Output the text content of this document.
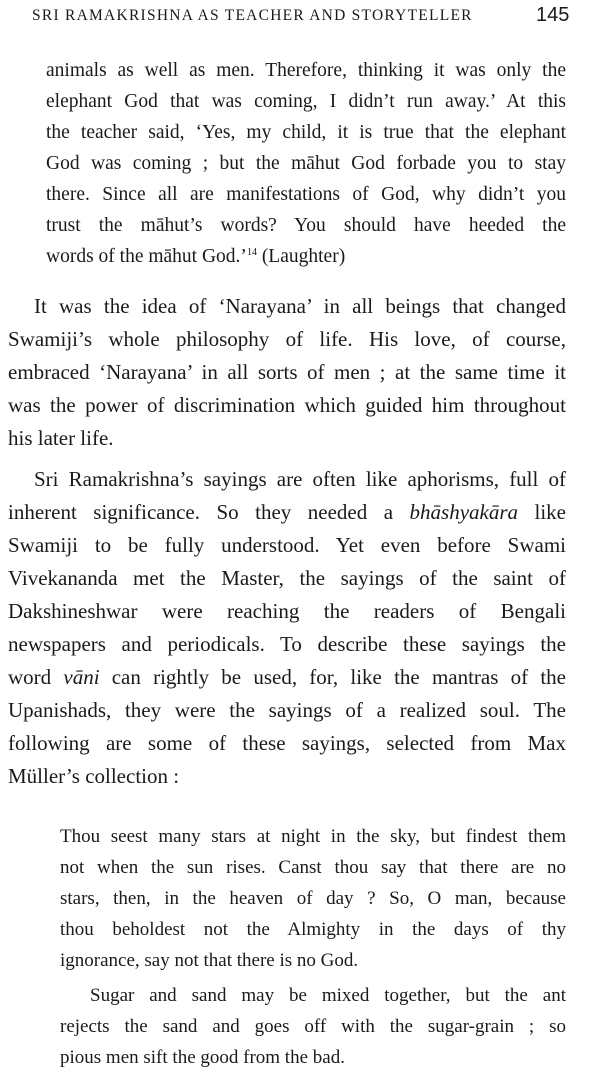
SRI RAMAKRISHNA AS TEACHER AND STORYTELLER	145
animals as well as men. Therefore, thinking it was only the
elephant God that was coming, I didn’t run away.’ At this
the teacher said, ‘Yes, my child, it is true that the elephant
God was coming ; but the māhut God forbade you to stay
there. Since all are manifestations of God, why didn’t you
trust the māhut’s words? You should have heeded the
words of the māhut God.’$^{14}$ (Laughter)
It was the idea of ‘Narayana’ in all beings that changed
Swamiji’s whole philosophy of life. His love, of course,
embraced ‘Narayana’ in all sorts of men ; at the same time it
was the power of discrimination which guided him throughout
his later life.
Sri Ramakrishna’s sayings are often like aphorisms, full of
inherent significance. So they needed a bhāshyakāra like
Swamiji to be fully understood. Yet even before Swami
Vivekananda met the Master, the sayings of the saint of
Dakshineshwar were reaching the readers of Bengali
newspapers and periodicals. To describe these sayings the
word vāni can rightly be used, for, like the mantras of the
Upanishads, they were the sayings of a realized soul. The
following are some of these sayings, selected from Max
Müller’s collection :
Thou seest many stars at night in the sky, but findest them
not when the sun rises. Canst thou say that there are no
stars, then, in the heaven of day ? So, O man, because
thou beholdest not the Almighty in the days of thy
ignorance, say not that there is no God.
Sugar and sand may be mixed together, but the ant
rejects the sand and goes off with the sugar-grain ; so
pious men sift the good from the bad.
